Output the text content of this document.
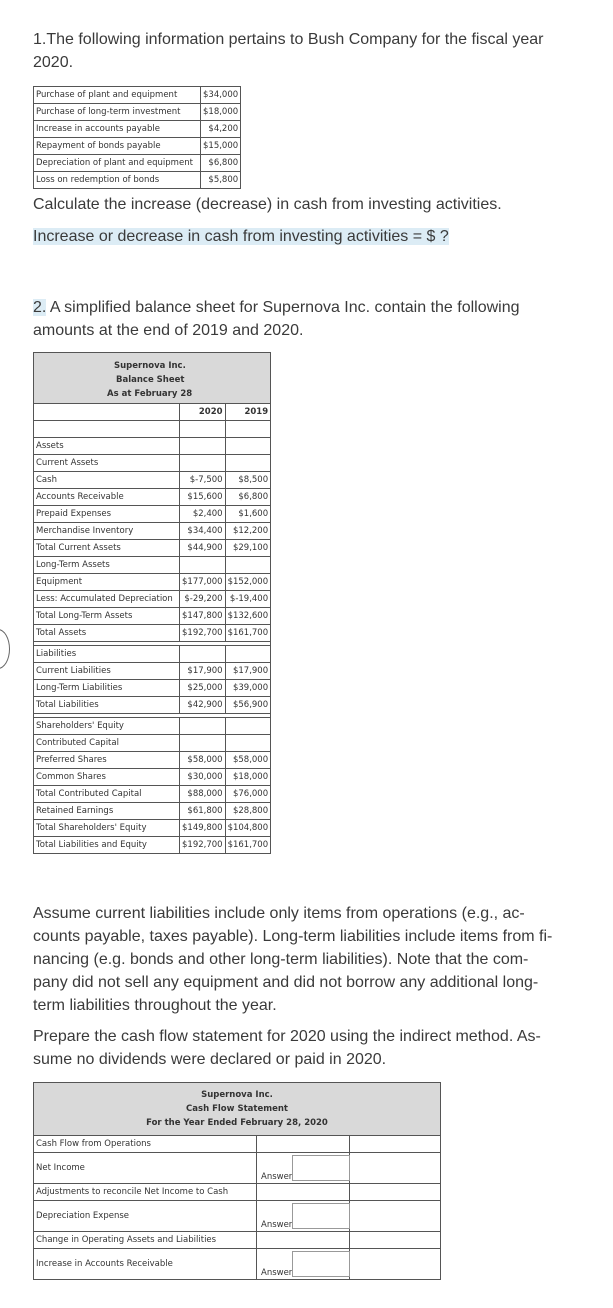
1.The following information pertains to Bush Company for the fiscal year
2020.
Purchase of plant and equipment	$34,000
Purchase of long-term investment	$18,000
Increase in accounts payable	$4,200
Repayment of bonds payable	$15,000
Depreciation of plant and equipment	$6,800
Loss on redemption of bonds	$5,800
Calculate the increase (decrease) in cash from investing activities.
Increase or decrease in cash from investing activities = $ ?
2. A simplified balance sheet for Supernova Inc. contain the following
amounts at the end of 2019 and 2020.
Supernova Inc.
Balance Sheet
As at February 28		

	2020	2019

Assets		
Current Assets		
Cash	$-7,500	$8,500
Accounts Receivable	$15,600	$6,800
Prepaid Expenses	$2,400	$1,600
Merchandise Inventory	$34,400	$12,200
Total Current Assets	$44,900	$29,100
Long-Term Assets		
Equipment	$177,000	$152,000
Less: Accumulated Depreciation	$-29,200	$-19,400
Total Long-Term Assets	$147,800	$132,600
Total Assets	$192,700	$161,700

Liabilities		
Current Liabilities	$17,900	$17,900
Long-Term Liabilities	$25,000	$39,000
Total Liabilities	$42,900	$56,900

Shareholders' Equity		
Contributed Capital		
Preferred Shares	$58,000	$58,000
Common Shares	$30,000	$18,000
Total Contributed Capital	$88,000	$76,000
Retained Earnings	$61,800	$28,800
Total Shareholders' Equity	$149,800	$104,800
Total Liabilities and Equity	$192,700	$161,700
Assume current liabilities include only items from operations (e.g., ac-
counts payable, taxes payable). Long-term liabilities include items from fi-
nancing (e.g. bonds and other long-term liabilities). Note that the com-
pany did not sell any equipment and did not borrow any additional long-
term liabilities throughout the year.
Prepare the cash flow statement for 2020 using the indirect method. As-
sume no dividends were declared or paid in 2020.
Supernova Inc.
Cash Flow Statement
For the Year Ended February 28, 2020		

Cash Flow from Operations		
Net Income	Answer	

Adjustments to reconcile Net Income to Cash		
Depreciation Expense	Answer	

Change in Operating Assets and Liabilities		
Increase in Accounts Receivable	Answer	
